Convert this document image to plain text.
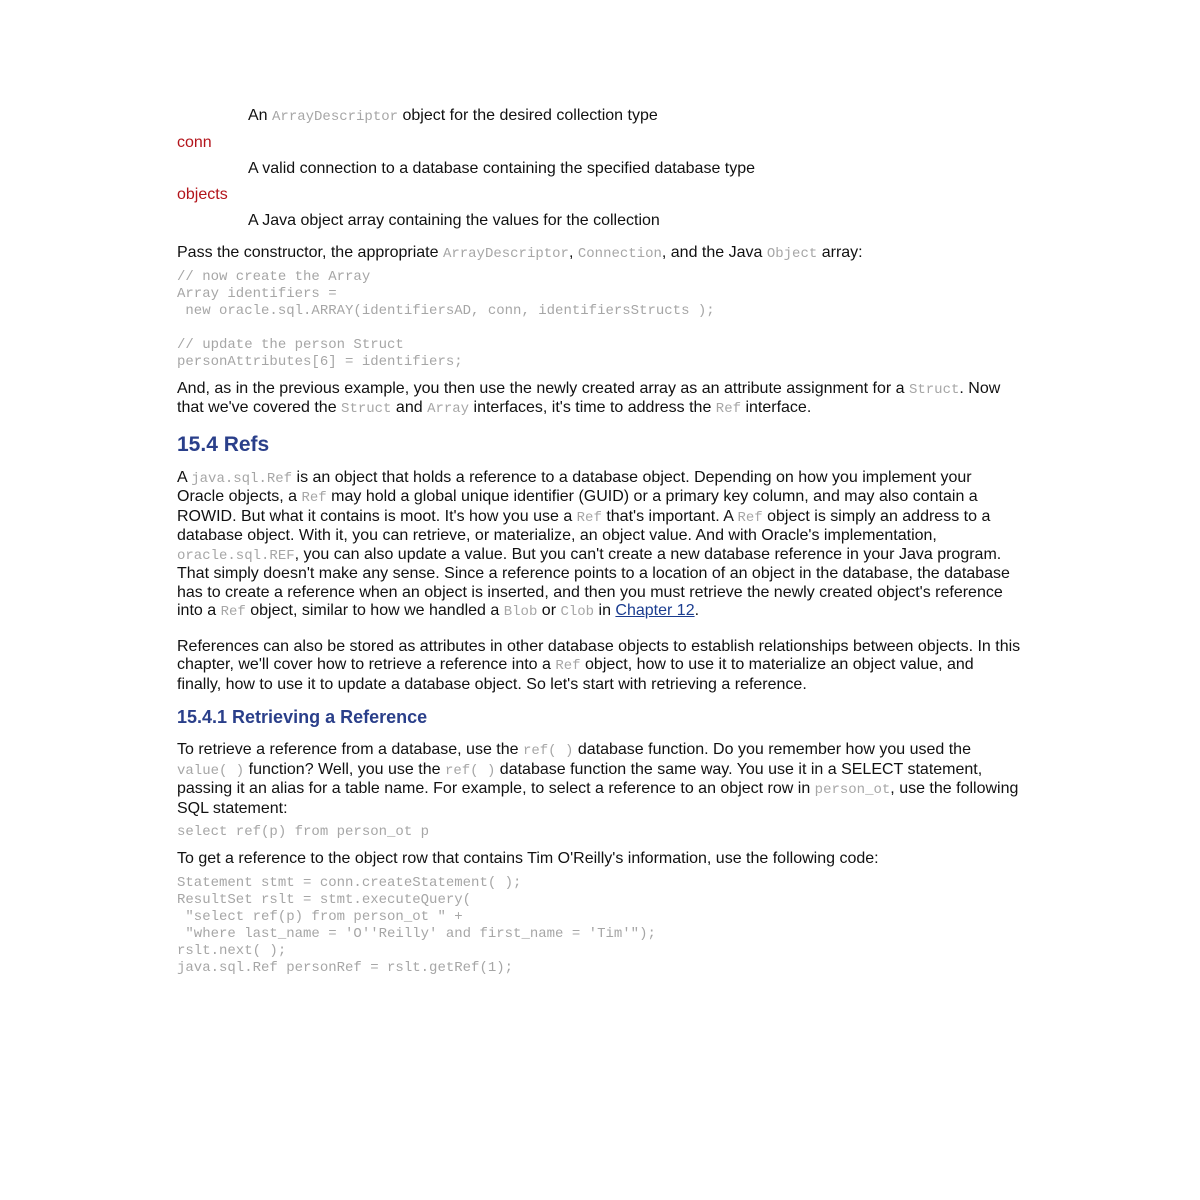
An ArrayDescriptor object for the desired collection type

conn

A valid connection to a database containing the specified database type

objects

A Java object array containing the values for the collection

Pass the constructor, the appropriate ArrayDescriptor, Connection, and the Java Object array:

// now create the Array
Array identifiers =
new oracle.sql.ARRAY(identifiersAD, conn, identifiersStructs );

// update the person Struct
personAttributes[6] = identifiers;

And, as in the previous example, you then use the newly created array as an attribute assignment for a Struct. Now that we've covered the Struct and Array interfaces, it's time to address the Ref interface.

15.4 Refs

A java.sql.Ref is an object that holds a reference to a database object. Depending on how you implement your Oracle objects, a Ref may hold a global unique identifier (GUID) or a primary key column, and may also contain a ROWID. But what it contains is moot. It's how you use a Ref that's important. A Ref object is simply an address to a database object. With it, you can retrieve, or materialize, an object value. And with Oracle's implementation, oracle.sql.REF, you can also update a value. But you can't create a new database reference in your Java program. That simply doesn't make any sense. Since a reference points to a location of an object in the database, the database has to create a reference when an object is inserted, and then you must retrieve the newly created object's reference into a Ref object, similar to how we handled a Blob or Clob in Chapter 12.

References can also be stored as attributes in other database objects to establish relationships between objects. In this chapter, we'll cover how to retrieve a reference into a Ref object, how to use it to materialize an object value, and finally, how to use it to update a database object. So let's start with retrieving a reference.

15.4.1 Retrieving a Reference

To retrieve a reference from a database, use the ref( ) database function. Do you remember how you used the value( ) function? Well, you use the ref( ) database function the same way. You use it in a SELECT statement, passing it an alias for a table name. For example, to select a reference to an object row in person_ot, use the following SQL statement:

select ref(p) from person_ot p

To get a reference to the object row that contains Tim O'Reilly's information, use the following code:

Statement stmt = conn.createStatement( );
ResultSet rslt = stmt.executeQuery(
"select ref(p) from person_ot " +
"where last_name = 'O''Reilly' and first_name = 'Tim'");
rslt.next( );
java.sql.Ref personRef = rslt.getRef(1);
